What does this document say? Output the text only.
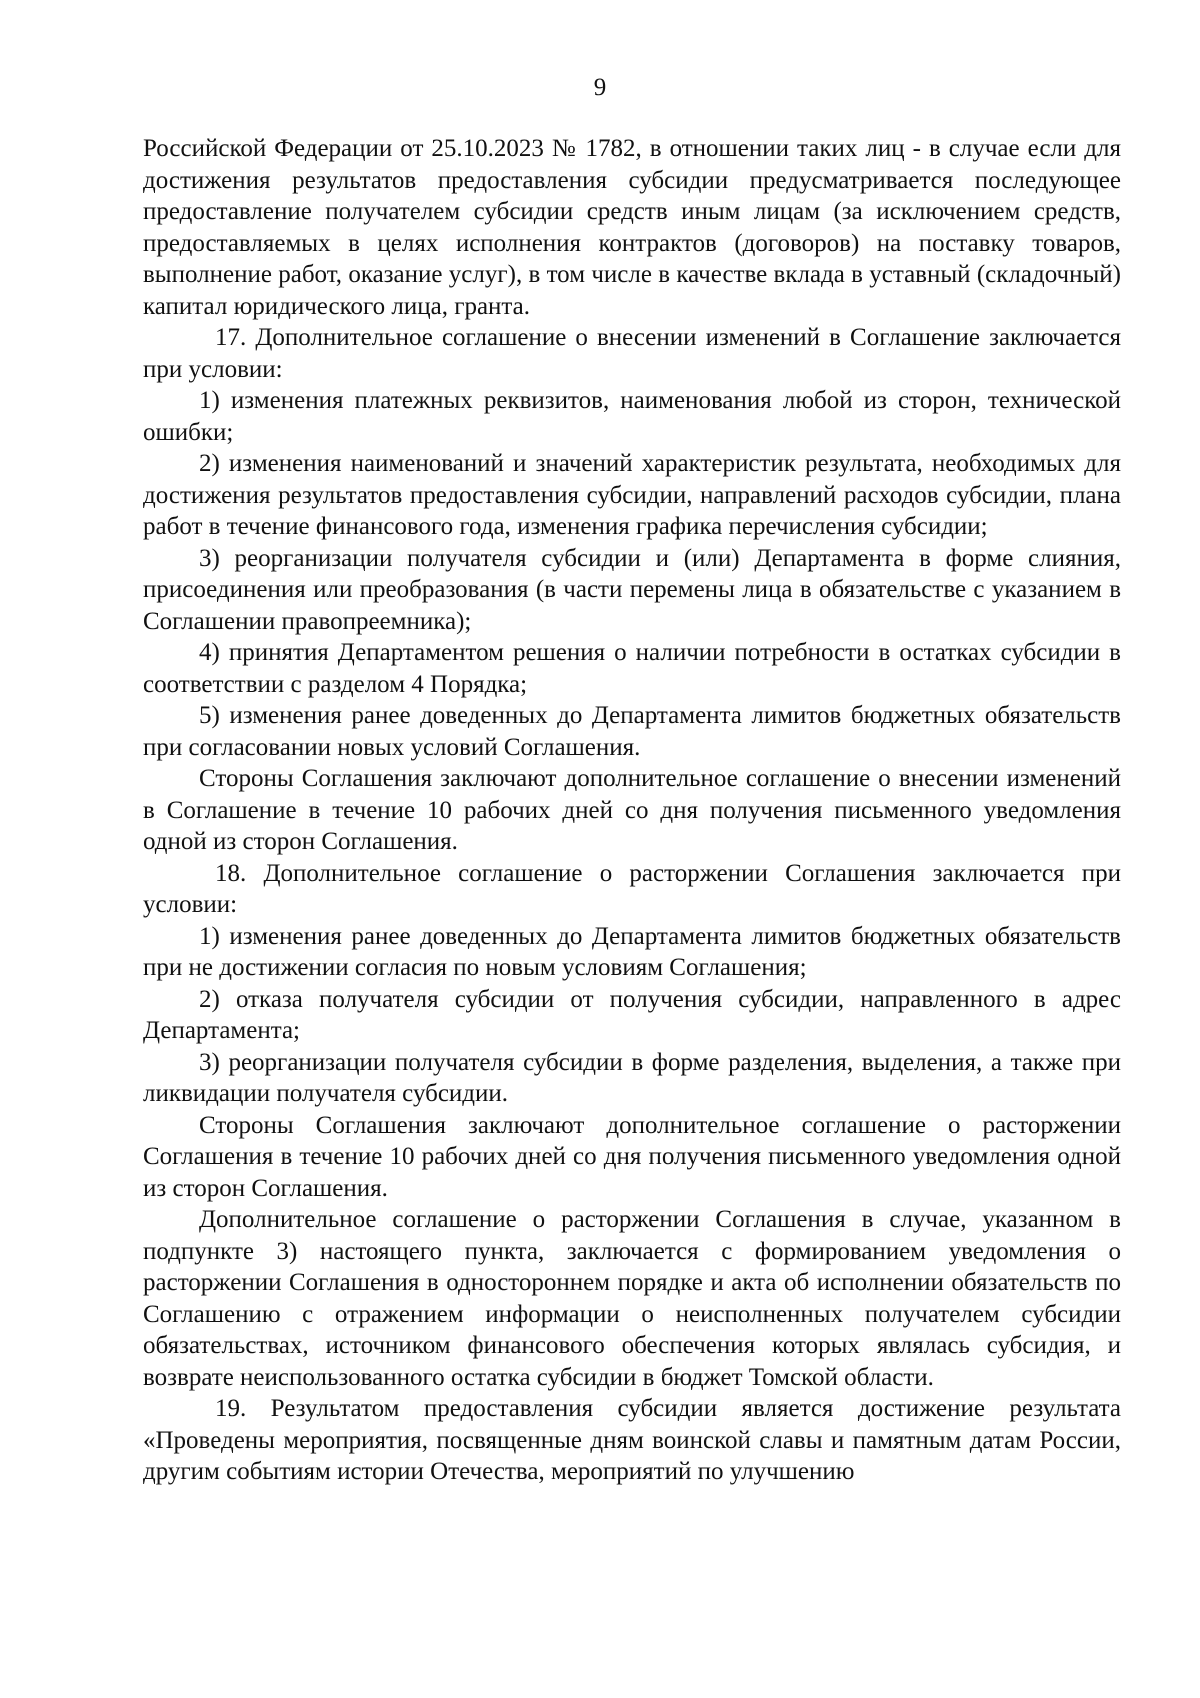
9

Российской Федерации от 25.10.2023 № 1782, в отношении таких лиц - в случае если для достижения результатов предоставления субсидии предусматривается последующее предоставление получателем субсидии средств иным лицам (за исключением средств, предоставляемых в целях исполнения контрактов (договоров) на поставку товаров, выполнение работ, оказание услуг), в том числе в качестве вклада в уставный (складочный) капитал юридического лица, гранта.

17. Дополнительное соглашение о внесении изменений в Соглашение заключается при условии:

1) изменения платежных реквизитов, наименования любой из сторон, технической ошибки;

2) изменения наименований и значений характеристик результата, необходимых для достижения результатов предоставления субсидии, направлений расходов субсидии, плана работ в течение финансового года, изменения графика перечисления субсидии;

3) реорганизации получателя субсидии и (или) Департамента в форме слияния, присоединения или преобразования (в части перемены лица в обязательстве с указанием в Соглашении правопреемника);

4) принятия Департаментом решения о наличии потребности в остатках субсидии в соответствии с разделом 4 Порядка;

5) изменения ранее доведенных до Департамента лимитов бюджетных обязательств при согласовании новых условий Соглашения.

Стороны Соглашения заключают дополнительное соглашение о внесении изменений в Соглашение в течение 10 рабочих дней со дня получения письменного уведомления одной из сторон Соглашения.

18. Дополнительное соглашение о расторжении Соглашения заключается при условии:

1) изменения ранее доведенных до Департамента лимитов бюджетных обязательств при не достижении согласия по новым условиям Соглашения;

2) отказа получателя субсидии от получения субсидии, направленного в адрес Департамента;

3) реорганизации получателя субсидии в форме разделения, выделения, а также при ликвидации получателя субсидии.

Стороны Соглашения заключают дополнительное соглашение о расторжении Соглашения в течение 10 рабочих дней со дня получения письменного уведомления одной из сторон Соглашения.

Дополнительное соглашение о расторжении Соглашения в случае, указанном в подпункте 3) настоящего пункта, заключается с формированием уведомления о расторжении Соглашения в одностороннем порядке и акта об исполнении обязательств по Соглашению с отражением информации о неисполненных получателем субсидии обязательствах, источником финансового обеспечения которых являлась субсидия, и возврате неиспользованного остатка субсидии в бюджет Томской области.

19. Результатом предоставления субсидии является достижение результата «Проведены мероприятия, посвященные дням воинской славы и памятным датам России, другим событиям истории Отечества, мероприятий по улучшению
